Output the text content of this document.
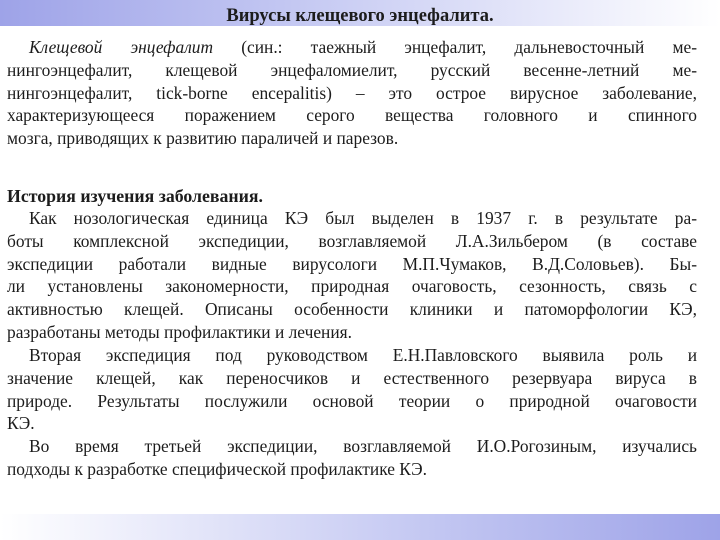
Вирусы клещевого энцефалита.
Клещевой энцефалит (син.: таежный энцефалит, дальневосточный ме-
нингоэнцефалит, клещевой энцефаломиелит, русский весенне-летний ме-
нингоэнцефалит, tick-borne encepalitis) – это острое вирусное заболевание,
характеризующееся поражением серого вещества головного и спинного
мозга, приводящих к развитию параличей и парезов.
История изучения заболевания.
Как нозологическая единица КЭ был выделен в 1937 г. в результате ра-
боты комплексной экспедиции, возглавляемой Л.А.Зильбером (в составе
экспедиции работали видные вирусологи М.П.Чумаков, В.Д.Соловьев). Бы-
ли установлены закономерности, природная очаговость, сезонность, связь с
активностью клещей. Описаны особенности клиники и патоморфологии КЭ,
разработаны методы профилактики и лечения.
Вторая экспедиция под руководством Е.Н.Павловского выявила роль и
значение клещей, как переносчиков и естественного резервуара вируса в
природе. Результаты послужили основой теории о природной очаговости
КЭ.
Во время третьей экспедиции, возглавляемой И.О.Рогозиным, изучались
подходы к разработке специфической профилактике КЭ.
